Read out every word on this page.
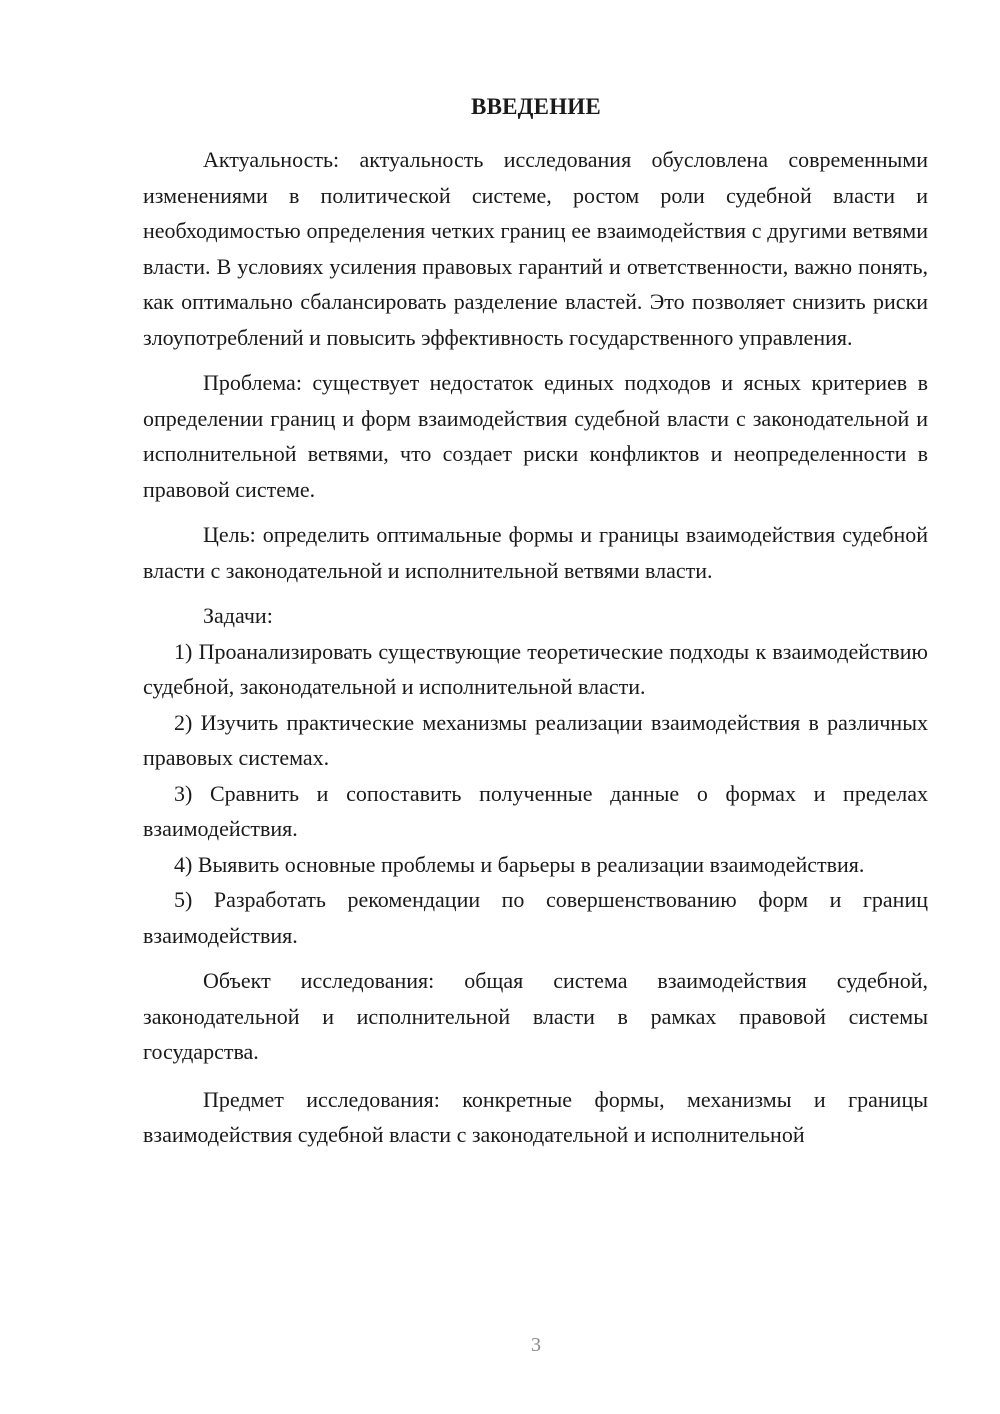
ВВЕДЕНИЕ

Актуальность: актуальность исследования обусловлена современными изменениями в политической системе, ростом роли судебной власти и необходимостью определения четких границ ее взаимодействия с другими ветвями власти. В условиях усиления правовых гарантий и ответственности, важно понять, как оптимально сбалансировать разделение властей. Это позволяет снизить риски злоупотреблений и повысить эффективность государственного управления.

Проблема: существует недостаток единых подходов и ясных критериев в определении границ и форм взаимодействия судебной власти с законодательной и исполнительной ветвями, что создает риски конфликтов и неопределенности в правовой системе.

Цель: определить оптимальные формы и границы взаимодействия судебной власти с законодательной и исполнительной ветвями власти.

Задачи:

1) Проанализировать существующие теоретические подходы к взаимодействию судебной, законодательной и исполнительной власти.

2) Изучить практические механизмы реализации взаимодействия в различных правовых системах.

3) Сравнить и сопоставить полученные данные о формах и пределах взаимодействия.

4) Выявить основные проблемы и барьеры в реализации взаимодействия.

5) Разработать рекомендации по совершенствованию форм и границ взаимодействия.

Объект исследования: общая система взаимодействия судебной, законодательной и исполнительной власти в рамках правовой системы государства.

Предмет исследования: конкретные формы, механизмы и границы взаимодействия судебной власти с законодательной и исполнительной

3
